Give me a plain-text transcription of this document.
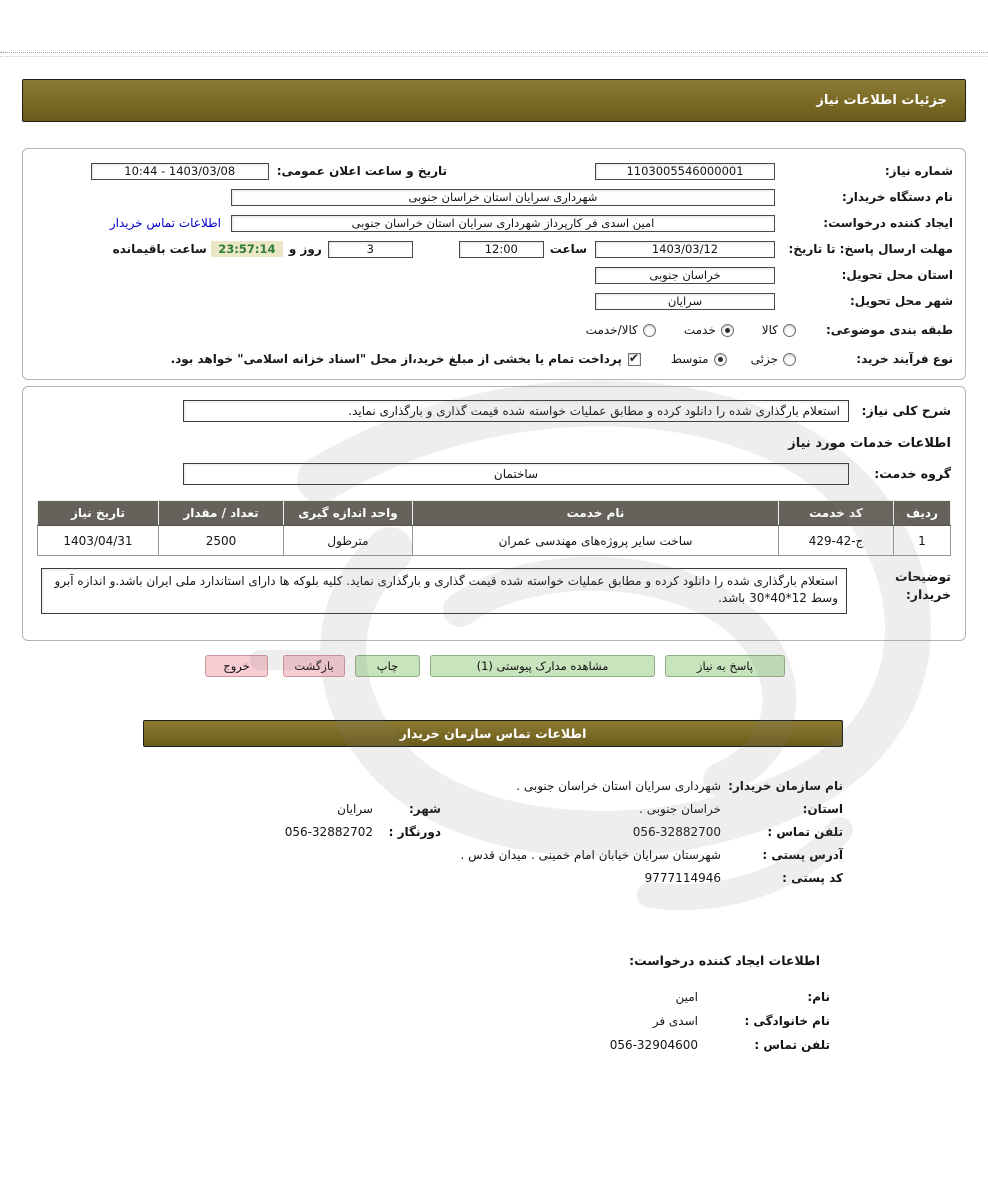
جزئیات اطلاعات نیاز
شماره نیاز:
1103005546000001
تاریخ و ساعت اعلان عمومی:
10:44 - 1403/03/08
نام دستگاه خریدار:
شهرداری سرایان استان خراسان جنوبی
ایجاد کننده درخواست:
امین اسدی فر کارپرداز شهرداری سرایان استان خراسان جنوبی
اطلاعات تماس خریدار
مهلت ارسال پاسخ: تا تاریخ:
1403/03/12
ساعت
12:00
3
روز و
23:57:14
ساعت باقیمانده
استان محل تحویل:
خراسان جنوبی
شهر محل تحویل:
سرایان
طبقه بندی موضوعی:
کالا
خدمت
کالا/خدمت
نوع فرآیند خرید:
جزئی
متوسط
✔
پرداخت تمام یا بخشی از مبلغ خرید،از محل "اسناد خزانه اسلامی" خواهد بود.
شرح کلی نیاز:
استعلام بارگذاری شده را دانلود کرده و مطابق عملیات خواسته شده قیمت گذاری و بارگذاری نماید.
اطلاعات خدمات مورد نیاز
گروه خدمت:
ساختمان
ردیف	کد خدمت	نام خدمت	واحد اندازه گیری	تعداد / مقدار	تاریخ نیاز
1	ج-42-429	ساخت سایر پروژه‌های مهندسی عمران	مترطول	2500	1403/04/31
توضیحات خریدار:
استعلام بارگذاری شده را دانلود کرده و مطابق عملیات خواسته شده قیمت گذاری و بارگذاری نماید. کلیه بلوکه ها دارای استاندارد ملی ایران باشد.و اندازه آبرو وسط 12*40*30 باشد.
پاسخ به نیاز
مشاهده مدارک پیوستی (1)
چاپ
بازگشت
خروج
اطلاعات تماس سازمان خریدار
نام سازمان خریدار:
شهرداری سرایان استان خراسان جنوبی .
استان:
خراسان جنوبی .
شهر:
سرایان
تلفن تماس :
056-32882700
دورنگار :
056-32882702
آدرس پستی :
شهرستان سرایان خیابان امام خمینی . میدان قدس .
کد پستی :
9777114946
اطلاعات ایجاد کننده درخواست:
نام:
امین
نام خانوادگی :
اسدی فر
تلفن تماس :
056-32904600
